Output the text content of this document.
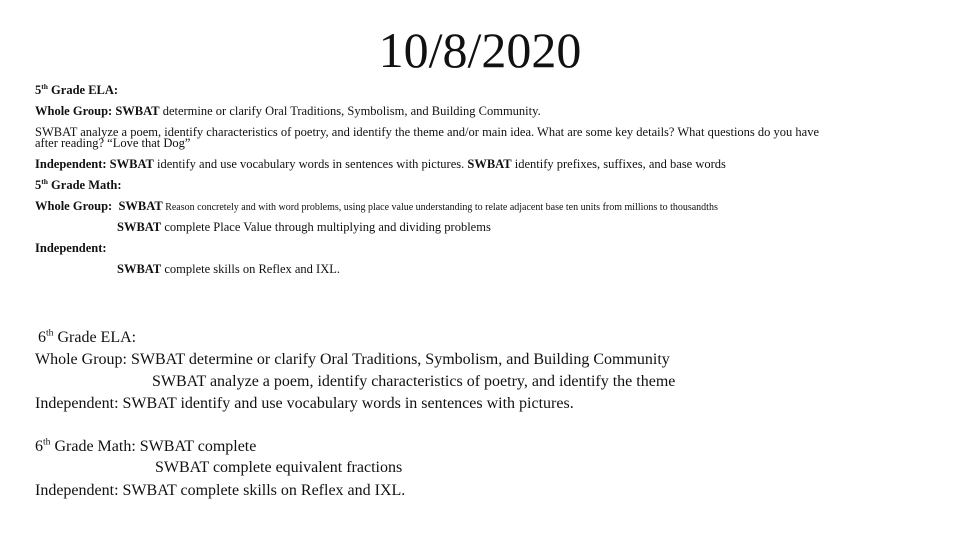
10/8/2020
5th Grade ELA:
Whole Group: SWBAT determine or clarify Oral Traditions, Symbolism, and Building Community.
SWBAT analyze a poem, identify characteristics of poetry, and identify the theme and/or main idea. What are some key details? What questions do you have
after reading? “Love that Dog”
Independent: SWBAT identify and use vocabulary words in sentences with pictures. SWBAT identify prefixes, suffixes, and base words
5th Grade Math:
Whole Group: SWBAT Reason concretely and with word problems, using place value understanding to relate adjacent base ten units from millions to thousandths
SWBAT complete Place Value through multiplying and dividing problems
Independent:
SWBAT complete skills on Reflex and IXL.
6th Grade ELA:
Whole Group: SWBAT determine or clarify Oral Traditions, Symbolism, and Building Community
SWBAT analyze a poem, identify characteristics of poetry, and identify the theme
Independent: SWBAT identify and use vocabulary words in sentences with pictures.
6th Grade Math: SWBAT complete
SWBAT complete equivalent fractions
Independent: SWBAT complete skills on Reflex and IXL.
